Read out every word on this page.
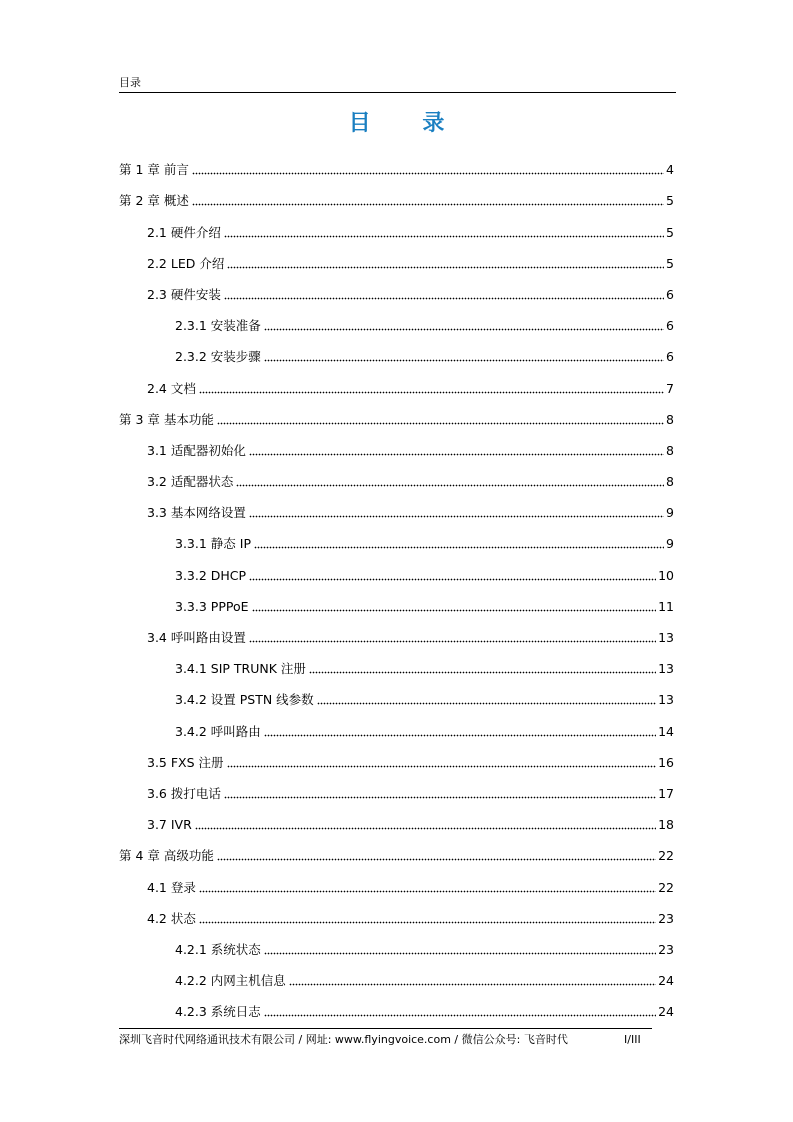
目录
目 录
第 1 章 前言	4
第 2 章 概述	5
2.1 硬件介绍	5
2.2 LED 介绍	5
2.3 硬件安装	6
2.3.1 安装准备	6
2.3.2 安装步骤	6
2.4 文档	7
第 3 章 基本功能	8
3.1 适配器初始化	8
3.2 适配器状态	8
3.3 基本网络设置	9
3.3.1 静态 IP	9
3.3.2 DHCP	10
3.3.3 PPPoE	11
3.4 呼叫路由设置	13
3.4.1 SIP TRUNK 注册	13
3.4.2 设置 PSTN 线参数	13
3.4.2 呼叫路由	14
3.5 FXS 注册	16
3.6 拨打电话	17
3.7 IVR	18
第 4 章 高级功能	22
4.1 登录	22
4.2 状态	23
4.2.1 系统状态	23
4.2.2 内网主机信息	24
4.2.3 系统日志	24
深圳飞音时代网络通讯技术有限公司 / 网址: www.flyingvoice.com / 微信公众号: 飞音时代	I/III
